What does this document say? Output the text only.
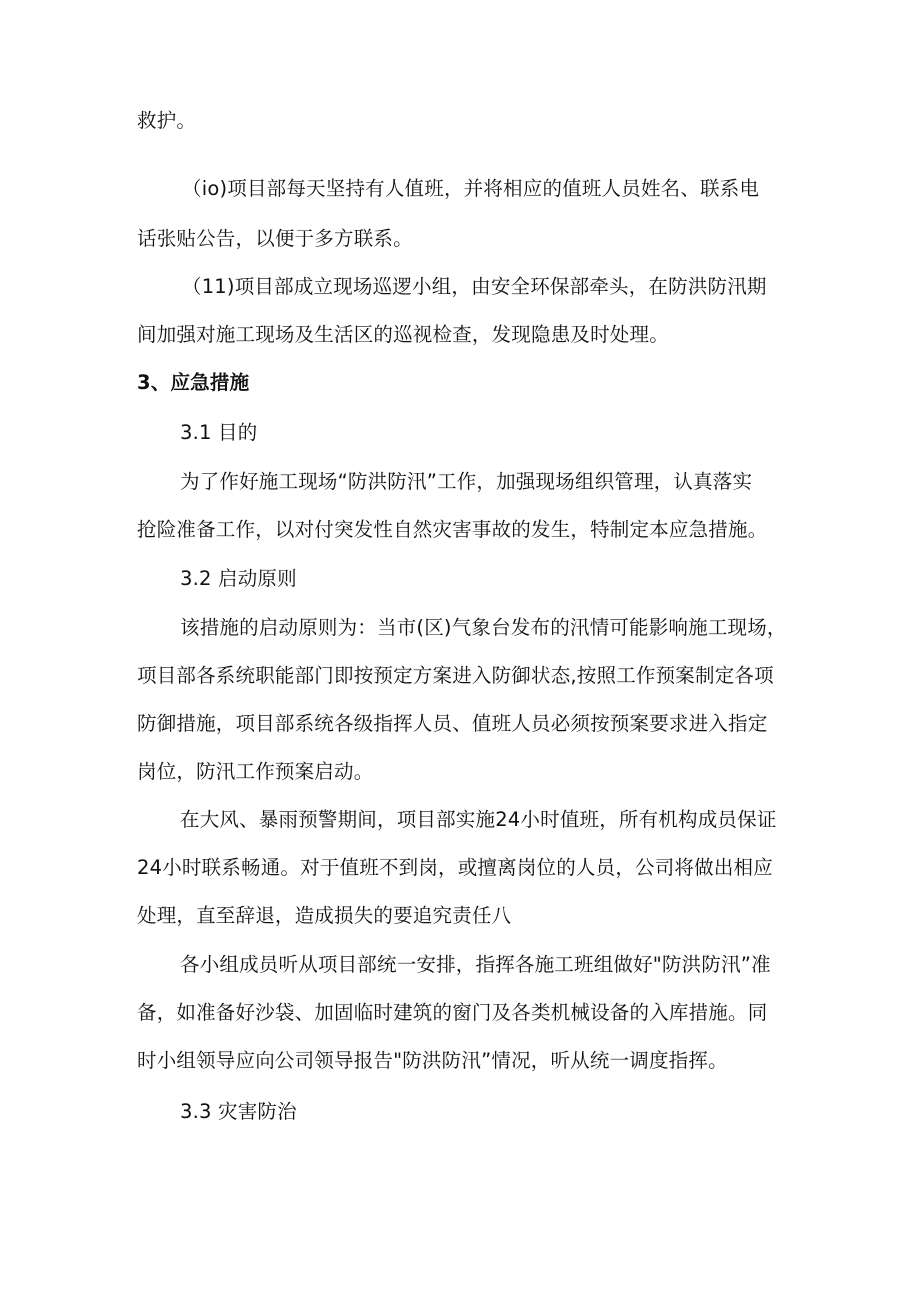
救护。

（io)项目部每天坚持有人值班，并将相应的值班人员姓名、联系电

话张贴公告，以便于多方联系。

（11)项目部成立现场巡逻小组，由安全环保部牵头，在防洪防汛期

间加强对施工现场及生活区的巡视检查，发现隐患及时处理。

3、应急措施

3.1 目的

为了作好施工现场“防洪防汛”工作，加强现场组织管理，认真落实

抢险准备工作，以对付突发性自然灾害事故的发生，特制定本应急措施。

3.2 启动原则

该措施的启动原则为：当市(区)气象台发布的汛情可能影响施工现场，

项目部各系统职能部门即按预定方案进入防御状态,按照工作预案制定各项

防御措施，项目部系统各级指挥人员、值班人员必须按预案要求进入指定

岗位，防汛工作预案启动。

在大风、暴雨预警期间，项目部实施24小时值班，所有机构成员保证

24小时联系畅通。对于值班不到岗，或擅离岗位的人员，公司将做出相应

处理，直至辞退，造成损失的要追究责任八

各小组成员听从项目部统一安排，指挥各施工班组做好"防洪防汛”准

备，如准备好沙袋、加固临时建筑的窗门及各类机械设备的入库措施。同

时小组领导应向公司领导报告"防洪防汛”情况，听从统一调度指挥。

3.3 灾害防治
